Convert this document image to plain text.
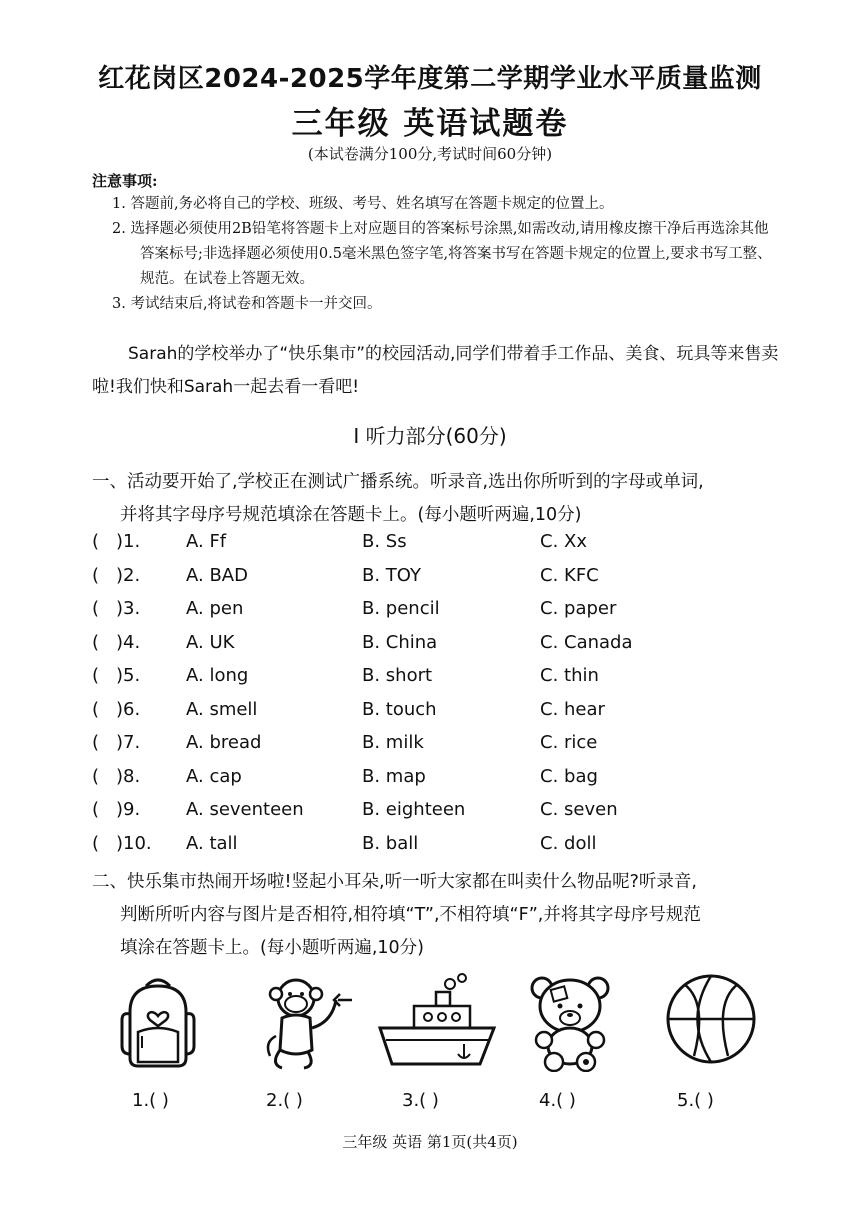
红花岗区2024-2025学年度第二学期学业水平质量监测
三年级 英语试题卷
(本试卷满分100分,考试时间60分钟)
注意事项:
1. 答题前,务必将自己的学校、班级、考号、姓名填写在答题卡规定的位置上。
2. 选择题必须使用2B铅笔将答题卡上对应题目的答案标号涂黑,如需改动,请用橡皮擦干净后再选涂其他答案标号;非选择题必须使用0.5毫米黑色签字笔,将答案书写在答题卡规定的位置上,要求书写工整、规范。在试卷上答题无效。
3. 考试结束后,将试卷和答题卡一并交回。
Sarah的学校举办了“快乐集市”的校园活动,同学们带着手工作品、美食、玩具等来售卖啦!我们快和Sarah一起去看一看吧!
Ⅰ 听力部分(60分)
一、活动要开始了,学校正在测试广播系统。听录音,选出你所听到的字母或单词,
并将其字母序号规范填涂在答题卡上。(每小题听两遍,10分)
( )1.	A. Ff	B. Ss	C. Xx
( )2.	A. BAD	B. TOY	C. KFC
( )3.	A. pen	B. pencil	C. paper
( )4.	A. UK	B. China	C. Canada
( )5.	A. long	B. short	C. thin
( )6.	A. smell	B. touch	C. hear
( )7.	A. bread	B. milk	C. rice
( )8.	A. cap	B. map	C. bag
( )9.	A. seventeen	B. eighteen	C. seven
( )10. A. tall	B. ball	C. doll
二、快乐集市热闹开场啦!竖起小耳朵,听一听大家都在叫卖什么物品呢?听录音,
判断所听内容与图片是否相符,相符填“T”,不相符填“F”,并将其字母序号规范
填涂在答题卡上。(每小题听两遍,10分)
1.( )	2.( )	3.( )	4.( )	5.( )
三年级 英语 第1页(共4页)
